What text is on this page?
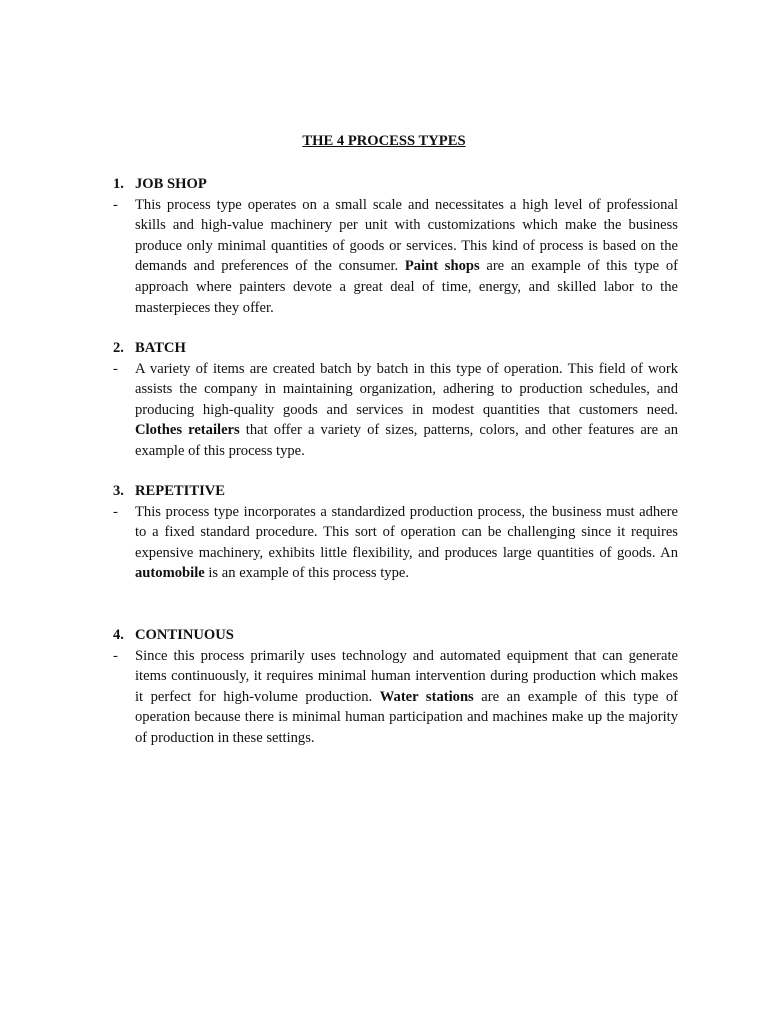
THE 4 PROCESS TYPES
1. JOB SHOP
-	This process type operates on a small scale and necessitates a high level of professional skills and high-value machinery per unit with customizations which make the business produce only minimal quantities of goods or services. This kind of process is based on the demands and preferences of the consumer. Paint shops are an example of this type of approach where painters devote a great deal of time, energy, and skilled labor to the masterpieces they offer.
2. BATCH
-	A variety of items are created batch by batch in this type of operation. This field of work assists the company in maintaining organization, adhering to production schedules, and producing high-quality goods and services in modest quantities that customers need. Clothes retailers that offer a variety of sizes, patterns, colors, and other features are an example of this process type.
3. REPETITIVE
-	This process type incorporates a standardized production process, the business must adhere to a fixed standard procedure. This sort of operation can be challenging since it requires expensive machinery, exhibits little flexibility, and produces large quantities of goods. An automobile is an example of this process type.
4. CONTINUOUS
-	Since this process primarily uses technology and automated equipment that can generate items continuously, it requires minimal human intervention during production which makes it perfect for high-volume production. Water stations are an example of this type of operation because there is minimal human participation and machines make up the majority of production in these settings.
